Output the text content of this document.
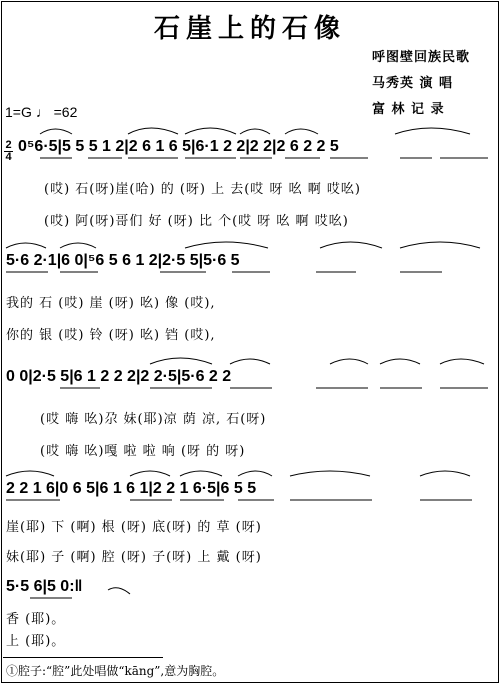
石崖上的石像
呼图壁回族民歌
马秀英 演 唱
富 林 记 录
1=G ♩ =62
2
4
0⁵6·5|5 5 5 1 2|2 6 1 6 5|6·1 2 2|2 2|2 6 2 2 5
(哎) 石(呀)崖(哈) 的 (呀) 上 去(哎 呀 吆 啊 哎吆)
(哎) 阿(呀)哥们 好 (呀) 比 个(哎 呀 吆 啊 哎吆)
5·6 2·1|6 0|⁵6 5 6 1 2|2·5 5|5·6 5
我的 石 (哎) 崖 (呀) 吆) 像 (哎),
你的 银 (哎) 铃 (呀) 吆) 铛 (哎),
0 0|2·5 5|6 1 2 2 2|2 2·5|5·6 2 2
(哎 嗨 吆)尕 妹(耶)凉 荫 凉, 石(呀)
(哎 嗨 吆)嘎 啦 啦 响 (呀 的 呀)
2 2 1 6|0 6 5|6 1 6 1|2 2 1 6·5|6 5 5
崖(耶) 下 (啊) 根 (呀) 底(呀) 的 草 (呀)
妹(耶) 子 (啊) 腔 (呀) 子(呀) 上 戴 (呀)
5·5 6|5 0:‖
香 (耶)。
上 (耶)。
①腔子:“腔”此处唱做“kāng”,意为胸腔。
